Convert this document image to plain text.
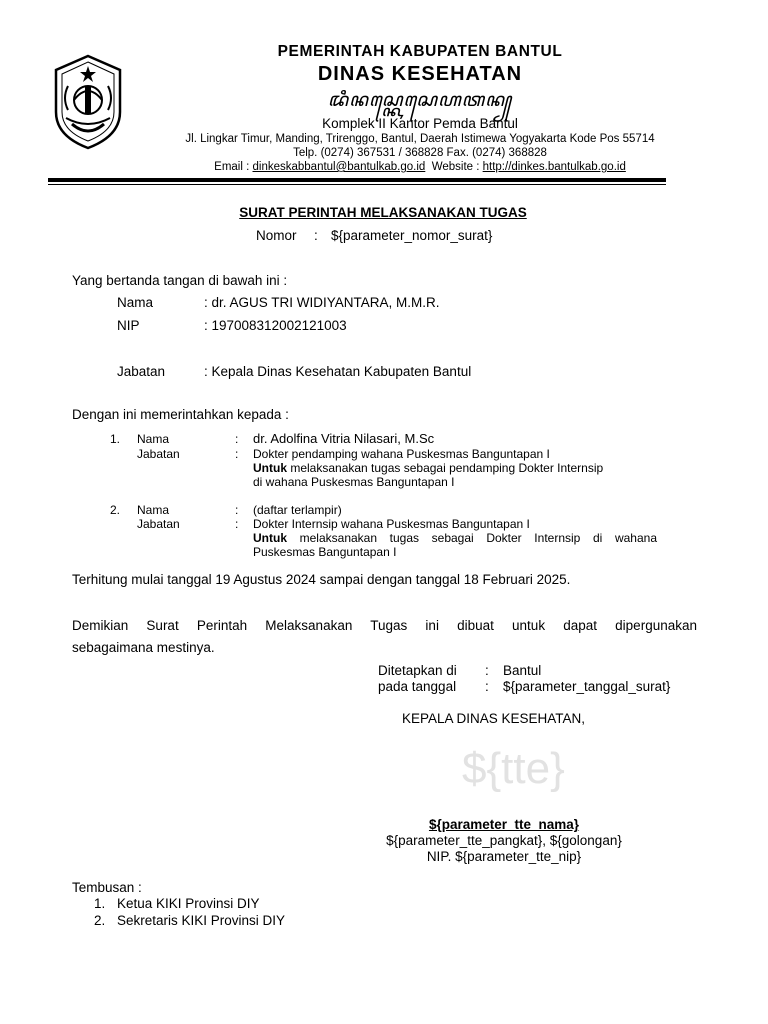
PEMERINTAH KABUPATEN BANTUL
DINAS KESEHATAN
ꦢꦶꦤꦱ꧀ꦏꦺꦱꦺꦲꦠꦤ꧀
Komplek II Kantor Pemda Bantul
Jl. Lingkar Timur, Manding, Trirenggo, Bantul, Daerah Istimewa Yogyakarta Kode Pos 55714
Telp. (0274) 367531 / 368828 Fax. (0274) 368828
Email : dinkeskabbantul@bantulkab.go.id  Website : http://dinkes.bantulkab.go.id
SURAT PERINTAH MELAKSANAKAN TUGAS
Nomor : ${parameter_nomor_surat}
Yang bertanda tangan di bawah ini :
Nama	: dr. AGUS TRI WIDIYANTARA, M.M.R.
NIP	: 197008312002121003
Jabatan	: Kepala Dinas Kesehatan Kabupaten Bantul
Dengan ini memerintahkan kepada :
1. Nama	: dr. Adolfina Vitria Nilasari, M.Sc
Jabatan	: Dokter pendamping wahana Puskesmas Banguntapan I
Untuk melaksanakan tugas sebagai pendamping Dokter Internsip
di wahana Puskesmas Banguntapan I
2. Nama	: (daftar terlampir)
Jabatan	: Dokter Internsip wahana Puskesmas Banguntapan I
Untuk melaksanakan tugas sebagai Dokter Internsip di wahana
Puskesmas Banguntapan I
Terhitung mulai tanggal 19 Agustus 2024 sampai dengan tanggal 18 Februari 2025.
Demikian Surat Perintah Melaksanakan Tugas ini dibuat untuk dapat dipergunakan
sebagaimana mestinya.
Ditetapkan di : Bantul
pada tanggal : ${parameter_tanggal_surat}
KEPALA DINAS KESEHATAN,
${tte}
${parameter_tte_nama}
${parameter_tte_pangkat}, ${golongan}
NIP. ${parameter_tte_nip}
Tembusan :
1. Ketua KIKI Provinsi DIY
2. Sekretaris KIKI Provinsi DIY
